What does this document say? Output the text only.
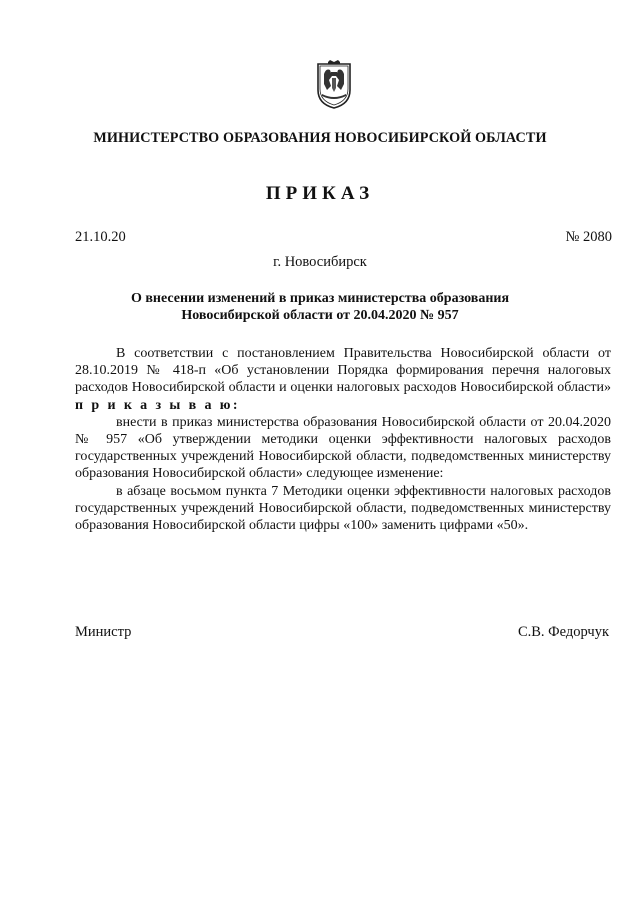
МИНИСТЕРСТВО ОБРАЗОВАНИЯ НОВОСИБИРСКОЙ ОБЛАСТИ
ПРИКАЗ
21.10.20	№ 2080
г. Новосибирск
О внесении изменений в приказ министерства образования
Новосибирской области от 20.04.2020 № 957

В соответствии с постановлением Правительства Новосибирской области от 28.10.2019 № 418-п «Об установлении Порядка формирования перечня налоговых расходов Новосибирской области и оценки налоговых расходов Новосибирской области» п р и к а з ы в а ю:

внести в приказ министерства образования Новосибирской области от 20.04.2020 № 957 «Об утверждении методики оценки эффективности налоговых расходов государственных учреждений Новосибирской области, подведомственных министерству образования Новосибирской области» следующее изменение:

в абзаце восьмом пункта 7 Методики оценки эффективности налоговых расходов государственных учреждений Новосибирской области, подведомственных министерству образования Новосибирской области цифры «100» заменить цифрами «50».

Министр	С.В. Федорчук
